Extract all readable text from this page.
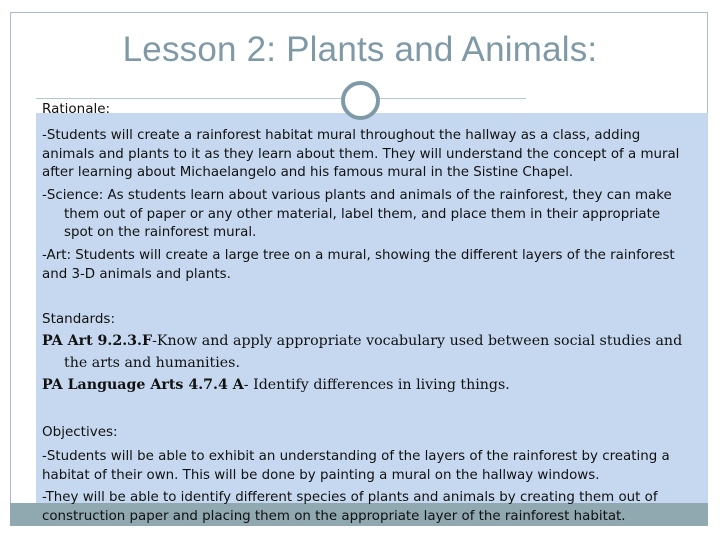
Lesson 2: Plants and Animals:
Rationale:
-Students will create a rainforest habitat mural throughout the hallway as a class, adding animals and plants to it as they learn about them. They will understand the concept of a mural after learning about Michaelangelo and his famous mural in the Sistine Chapel.
-Science: As students learn about various plants and animals of the rainforest, they can make them out of paper or any other material, label them, and place them in their appropriate spot on the rainforest mural.
-Art: Students will create a large tree on a mural, showing the different layers of the rainforest and 3-D animals and plants.
Standards:
PA Art 9.2.3.F-Know and apply appropriate vocabulary used between social studies and the arts and humanities.
PA Language Arts 4.7.4 A- Identify differences in living things.
Objectives:
-Students will be able to exhibit an understanding of the layers of the rainforest by creating a habitat of their own. This will be done by painting a mural on the hallway windows.
-They will be able to identify different species of plants and animals by creating them out of construction paper and placing them on the appropriate layer of the rainforest habitat.
